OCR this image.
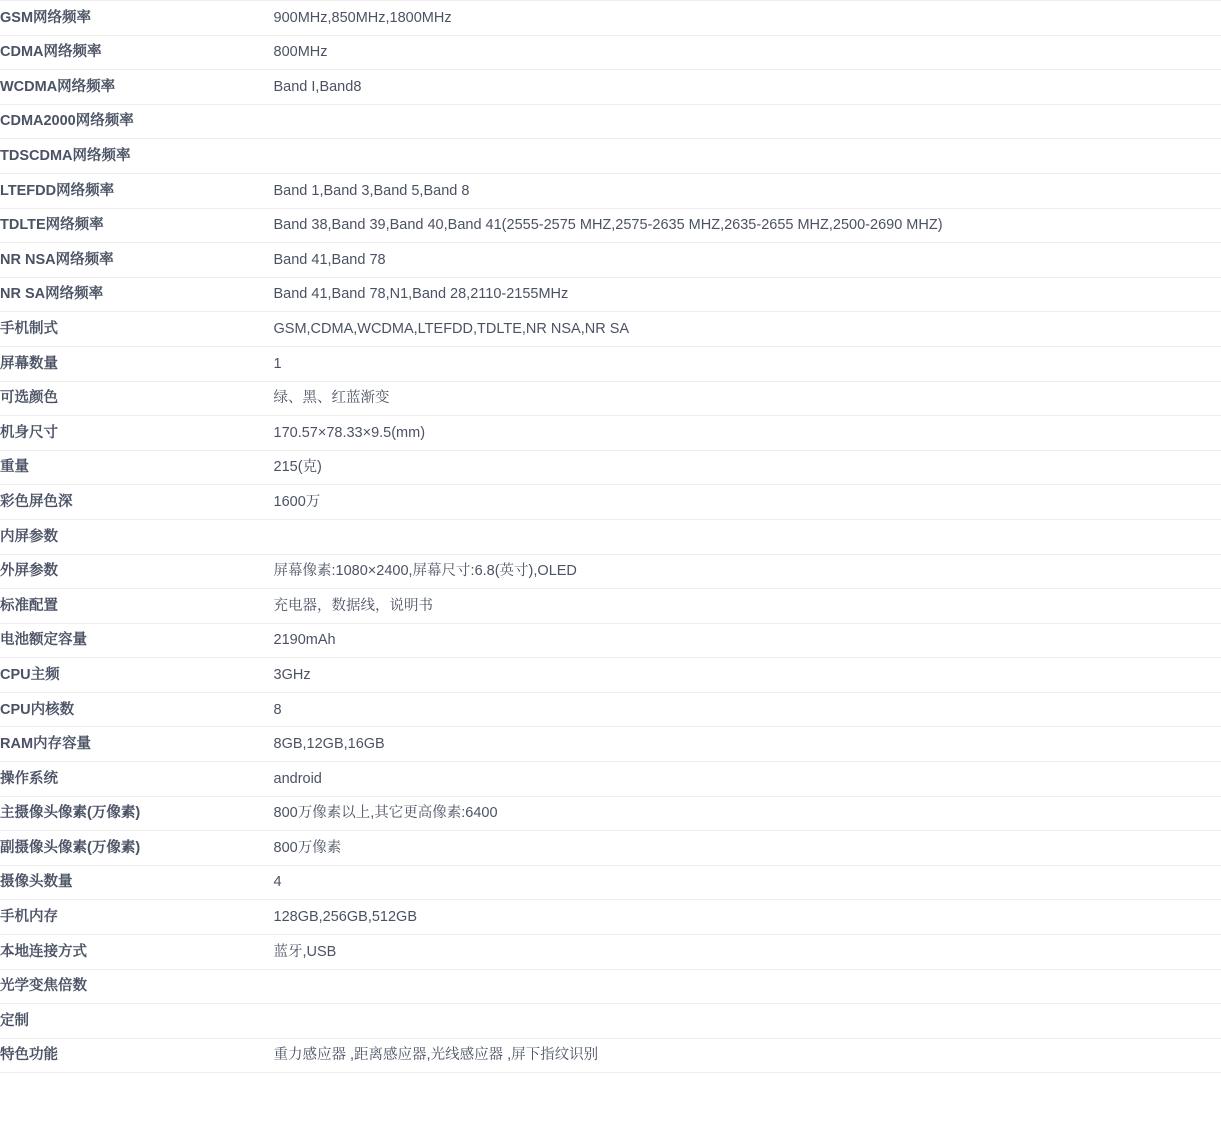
GSM网络频率	900MHz,850MHz,1800MHz
CDMA网络频率	800MHz
WCDMA网络频率	Band I,Band8
CDMA2000网络频率	
TDSCDMA网络频率	
LTEFDD网络频率	Band 1,Band 3,Band 5,Band 8
TDLTE网络频率	Band 38,Band 39,Band 40,Band 41(2555-2575 MHZ,2575-2635 MHZ,2635-2655 MHZ,2500-2690 MHZ)
NR NSA网络频率	Band 41,Band 78
NR SA网络频率	Band 41,Band 78,N1,Band 28,2110-2155MHz
手机制式	GSM,CDMA,WCDMA,LTEFDD,TDLTE,NR NSA,NR SA
屏幕数量	1
可选颜色	绿、黑、红蓝渐变
机身尺寸	170.57×78.33×9.5(mm)
重量	215(克)
彩色屏色深	1600万
内屏参数	
外屏参数	屏幕像素:1080×2400,屏幕尺寸:6.8(英寸),OLED
标准配置	充电器，数据线，说明书
电池额定容量	2190mAh
CPU主频	3GHz
CPU内核数	8
RAM内存容量	8GB,12GB,16GB
操作系统	android
主摄像头像素(万像素)	800万像素以上,其它更高像素:6400
副摄像头像素(万像素)	800万像素
摄像头数量	4
手机内存	128GB,256GB,512GB
本地连接方式	蓝牙,USB
光学变焦倍数	
定制	
特色功能	重力感应器 ,距离感应器,光线感应器 ,屏下指纹识别
